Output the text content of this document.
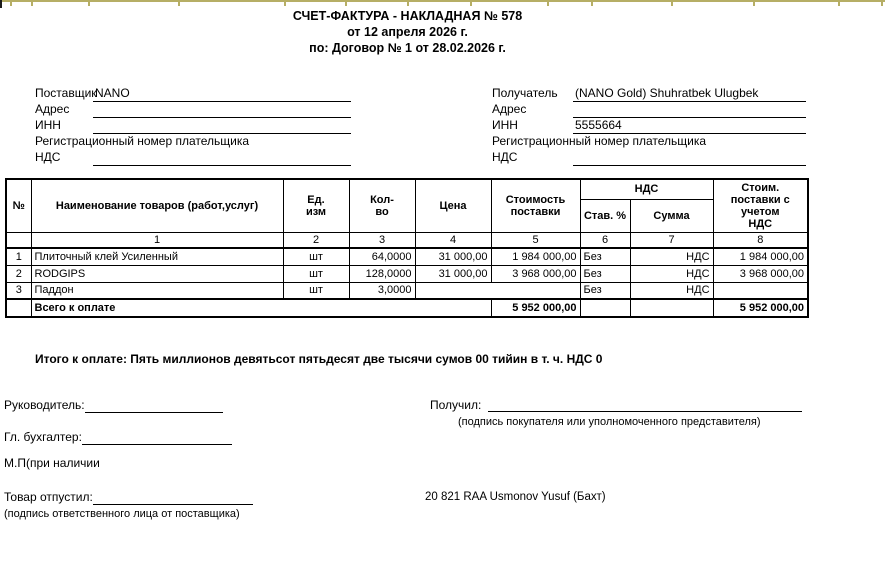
СЧЕТ-ФАКТУРА - НАКЛАДНАЯ № 578
от 12 апреля 2026 г.
по: Договор № 1 от 28.02.2026 г.
Поставщик
NANO
Адрес
ИНН
Регистрационный номер плательщика
НДС
Получатель	(NANO Gold) Shuhratbek Ulugbek
Адрес
ИНН	5555664
Регистрационный номер плательщика
НДС
№	Наименование товаров (работ,услуг)	Ед. изм	Кол-во	Цена	Стоимость поставки	НДС		Стоим. поставки с учетом НДС
						Став. %	Сумма	
	1	2	3	4	5	6	7	8
1	Плиточный клей Усиленный	шт	64,0000	31 000,00	1 984 000,00	Без	НДС	1 984 000,00
2	RODGIPS	шт	128,0000	31 000,00	3 968 000,00	Без	НДС	3 968 000,00
3	Паддон	шт	3,0000			Без	НДС	
	Всего к оплате				5 952 000,00			5 952 000,00
Итого к оплате: Пять миллионов девятьсот пятьдесят две тысячи сумов 00 тийин в т. ч. НДС 0
Руководитель:	Получил:
(подпись покупателя или уполномоченного представителя)
Гл. бухгалтер:
М.П(при наличии
Товар отпустил:
(подпись ответственного лица от поставщика)
20 821 RAA Usmonov Yusuf (Бахт)
